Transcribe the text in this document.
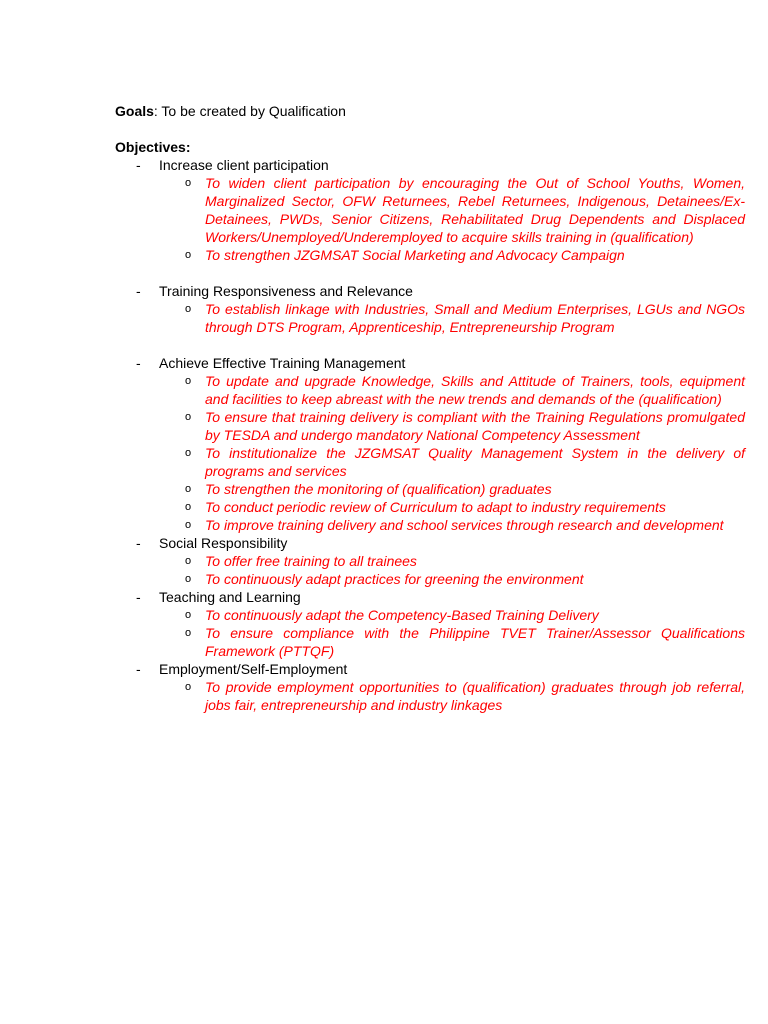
Goals: To be created by Qualification

Objectives:
- Increase client participation
o To widen client participation by encouraging the Out of School Youths, Women, Marginalized Sector, OFW Returnees, Rebel Returnees, Indigenous, Detainees/Ex-Detainees, PWDs, Senior Citizens, Rehabilitated Drug Dependents and Displaced Workers/Unemployed/Underemployed to acquire skills training in (qualification)
o To strengthen JZGMSAT Social Marketing and Advocacy Campaign
- Training Responsiveness and Relevance
o To establish linkage with Industries, Small and Medium Enterprises, LGUs and NGOs through DTS Program, Apprenticeship, Entrepreneurship Program
- Achieve Effective Training Management
o To update and upgrade Knowledge, Skills and Attitude of Trainers, tools, equipment and facilities to keep abreast with the new trends and demands of the (qualification)
o To ensure that training delivery is compliant with the Training Regulations promulgated by TESDA and undergo mandatory National Competency Assessment
o To institutionalize the JZGMSAT Quality Management System in the delivery of programs and services
o To strengthen the monitoring of (qualification) graduates
o To conduct periodic review of Curriculum to adapt to industry requirements
o To improve training delivery and school services through research and development
- Social Responsibility
o To offer free training to all trainees
o To continuously adapt practices for greening the environment
- Teaching and Learning
o To continuously adapt the Competency-Based Training Delivery
o To ensure compliance with the Philippine TVET Trainer/Assessor Qualifications Framework (PTTQF)
- Employment/Self-Employment
o To provide employment opportunities to (qualification) graduates through job referral, jobs fair, entrepreneurship and industry linkages
